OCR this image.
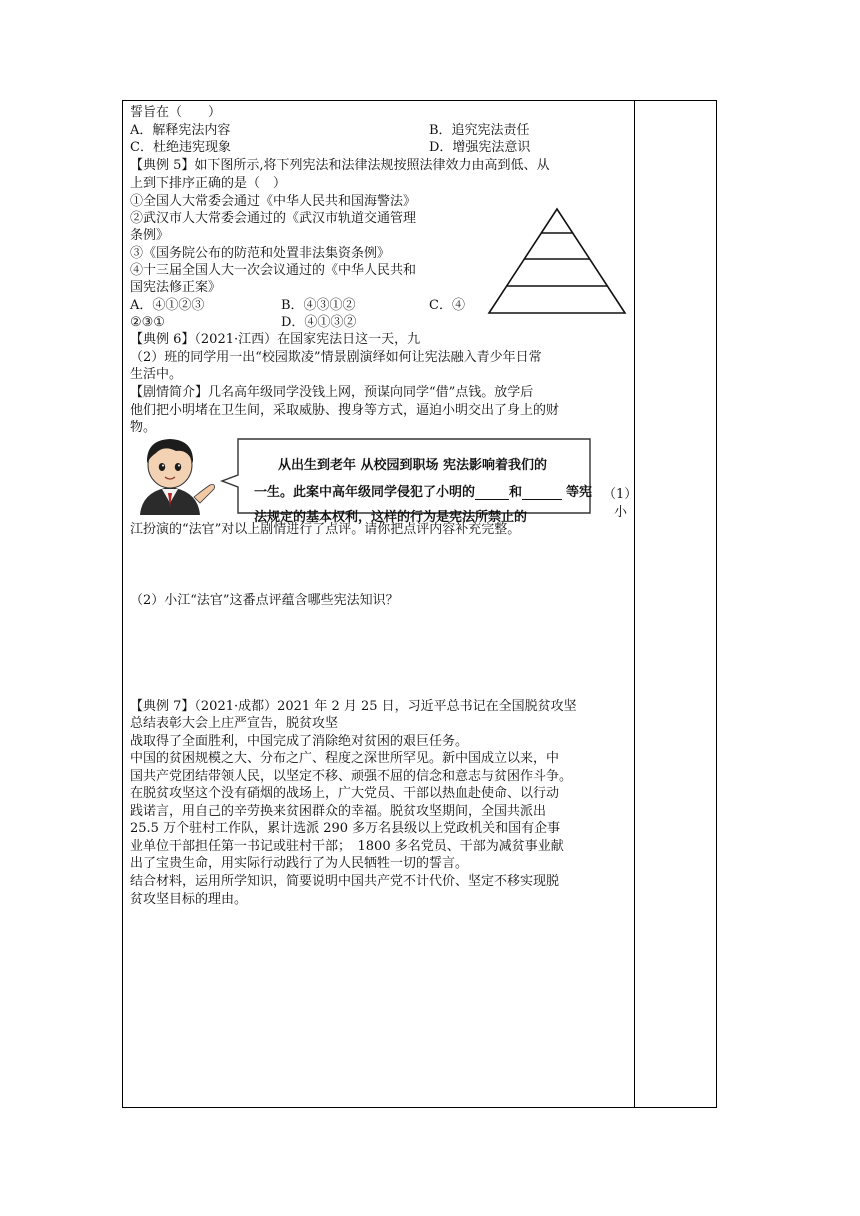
誓旨在（　　）
A．解释宪法内容	B．追究宪法责任
C．杜绝违宪现象	D．增强宪法意识
【典例 5】如下图所示,将下列宪法和法律法规按照法律效力由高到低、从
上到下排序正确的是（　）
①全国人大常委会通过《中华人民共和国海警法》
②武汉市人大常委会通过的《武汉市轨道交通管理
条例》
③《国务院公布的防范和处置非法集资条例》
④十三届全国人大一次会议通过的《中华人民共和
国宪法修正案》
A．④①②③	B．④③①②	C．④
②③①	D．④①③②
【典例 6】（2021·江西）在国家宪法日这一天，九
（2）班的同学用一出“校园欺凌”情景剧演绎如何让宪法融入青少年日常
生活中。
【剧情简介】几名高年级同学没钱上网，预谋向同学“借”点钱。放学后
他们把小明堵在卫生间，采取威胁、搜身等方式，逼迫小明交出了身上的财
物。
从出生到老年 从校园到职场 宪法影响着我们的
一生。此案中高年级同学侵犯了小明的	和	等宪
法规定的基本权利，这样的行为是宪法所禁止的
（1）
小
江扮演的“法官”对以上剧情进行了点评。请你把点评内容补充完整。
（2）小江“法官”这番点评蕴含哪些宪法知识？
【典例 7】（2021·成都）2021 年 2 月 25 日，习近平总书记在全国脱贫攻坚
总结表彰大会上庄严宣告，脱贫攻坚
战取得了全面胜利，中国完成了消除绝对贫困的艰巨任务。
中国的贫困规模之大、分布之广、程度之深世所罕见。新中国成立以来，中
国共产党团结带领人民，以坚定不移、顽强不屈的信念和意志与贫困作斗争。
在脱贫攻坚这个没有硝烟的战场上，广大党员、干部以热血赴使命、以行动
践诺言，用自己的辛劳换来贫困群众的幸福。脱贫攻坚期间，全国共派出
25.5 万个驻村工作队，累计选派 290 多万名县级以上党政机关和国有企事
业单位干部担任第一书记或驻村干部；　1800 多名党员、干部为减贫事业献
出了宝贵生命，用实际行动践行了为人民牺牲一切的誓言。
结合材料，运用所学知识，简要说明中国共产党不计代价、坚定不移实现脱
贫攻坚目标的理由。
